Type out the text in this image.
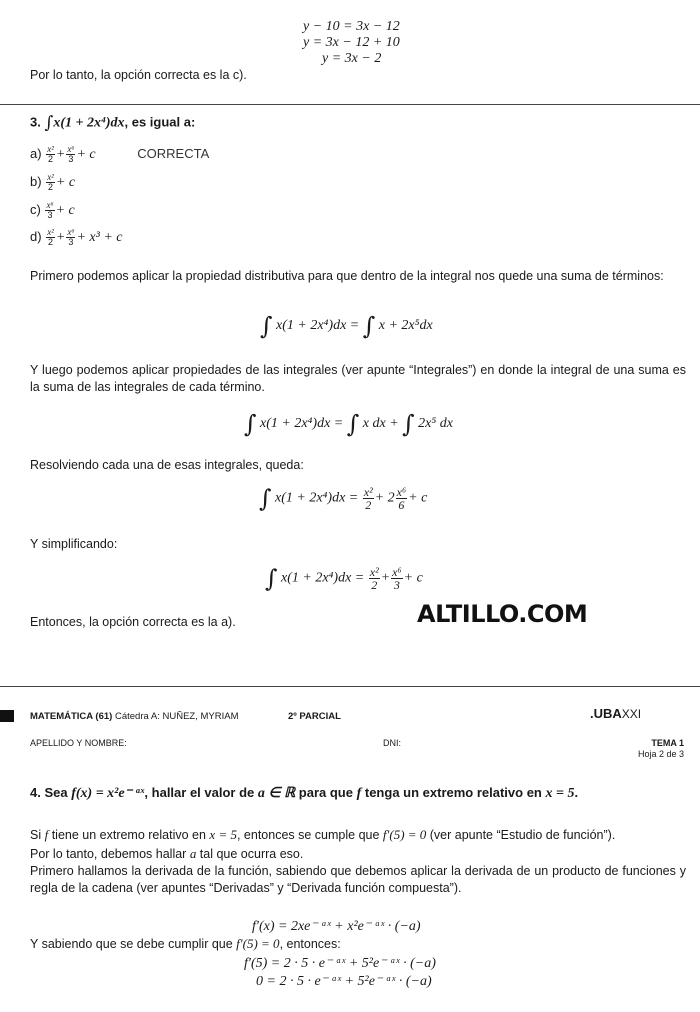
y − 10 = 3x − 12
y = 3x − 12 + 10
y = 3x − 2
Por lo tanto, la opción correcta es la c).
3. ∫x(1 + 2x⁴)dx, es igual a:
$a) \frac{\text{x²}}{2} + \frac{\text{x⁶}}{3} + c$	CORRECTA
$b) \frac{\text{x²}}{2} + c$
$c) \frac{\text{x⁶}}{3} + c$
$d) \frac{\text{x²}}{2} + \frac{\text{x⁶}}{3} + x^3 + c$
Primero podemos aplicar la propiedad distributiva para que dentro de la integral nos quede una suma de términos:
∫ x(1 + 2x⁴)dx = ∫ x + 2x⁵dx
Y luego podemos aplicar propiedades de las integrales (ver apunte “Integrales”) en donde la integral de una suma es la suma de las integrales de cada término.
∫ x(1 + 2x⁴)dx = ∫ x dx + ∫ 2x⁵ dx
Resolviendo cada una de esas integrales, queda:
∫ $x(1 + 2x^4)dx = \frac{\text{x²}}{2} + 2 \frac{\text{x⁶}}{6} + c$
Y simplificando:
∫ $x(1 + 2x^4)dx = \frac{\text{x²}}{2} + \frac{\text{x⁶}}{3} + c$
Entonces, la opción correcta es la a).	ALTILLO.COM
MATEMÁTICA (61) Cátedra A: NUÑEZ, MYRIAM	2º PARCIAL	.UBAXXI
APELLIDO Y NOMBRE:	DNI:	TEMA 1
Hoja 2 de 3
4. Sea f(x) = x²e⁻ ᵃˣ, hallar el valor de a ∈ ℝ para que f tenga un extremo relativo en x = 5.
Si f tiene un extremo relativo en x = 5, entonces se cumple que f′(5) = 0 (ver apunte “Estudio de función”).
Por lo tanto, debemos hallar a tal que ocurra eso.
Primero hallamos la derivada de la función, sabiendo que debemos aplicar la derivada de un producto de funciones y regla de la cadena (ver apuntes “Derivadas” y “Derivada función compuesta”).
f′(x) = 2xe⁻ ᵃˣ + x²e⁻ ᵃˣ · (−a)
Y sabiendo que se debe cumplir que f′(5) = 0, entonces:
f′(5) = 2 · 5 · e⁻ ᵃˣ + 5²e⁻ ᵃˣ · (−a)
0 = 2 · 5 · e⁻ ᵃˣ + 5²e⁻ ᵃˣ · (−a)
